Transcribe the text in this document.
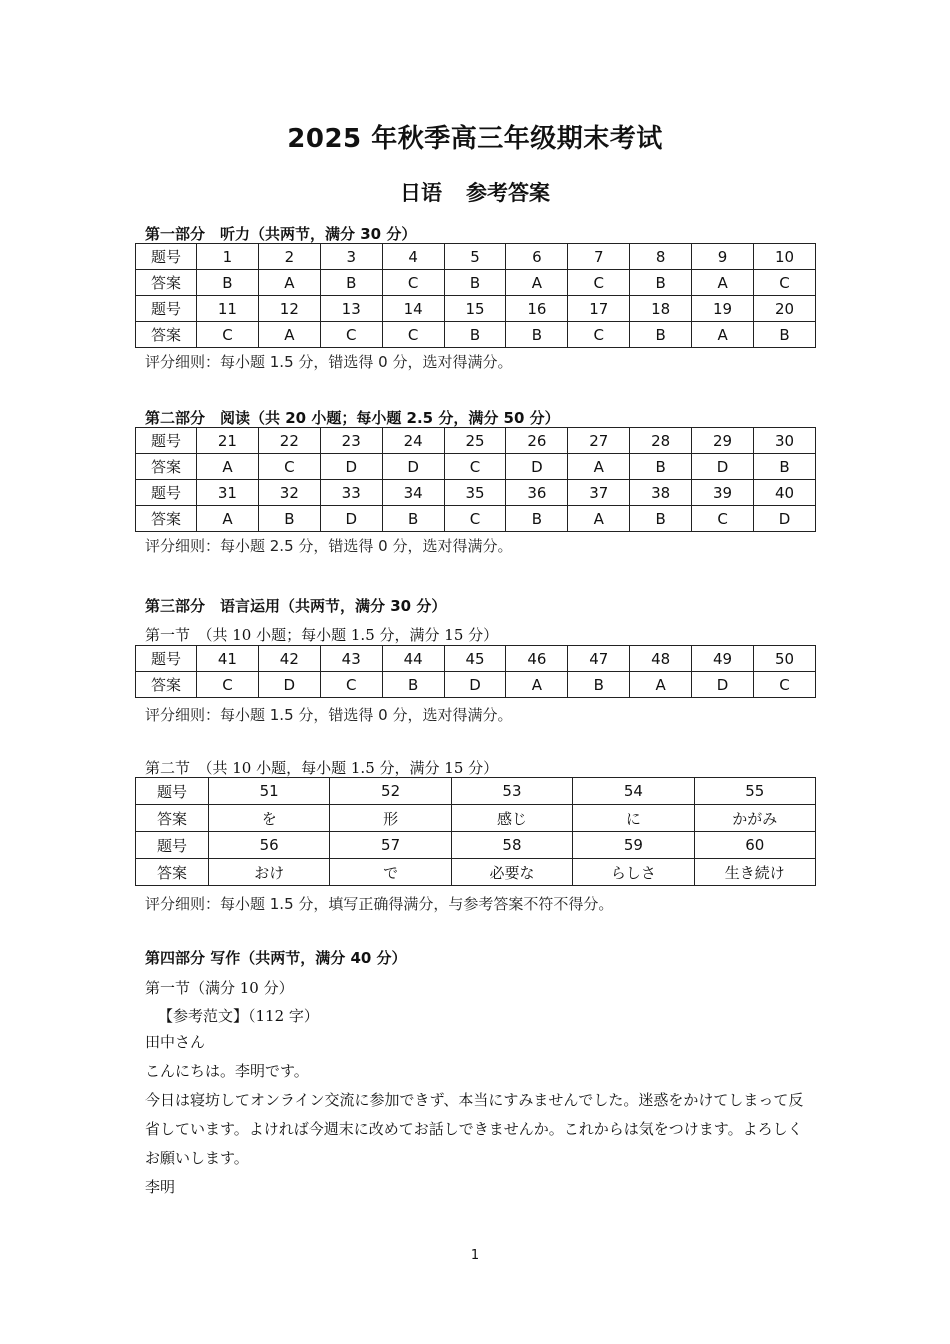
2025 年秋季高三年级期末考试
日语 参考答案
第一部分　听力（共两节，满分 30 分）
题号	1	2	3	4	5	6	7	8	9	10
答案	B	A	B	C	B	A	C	B	A	C
题号	11	12	13	14	15	16	17	18	19	20
答案	C	A	C	C	B	B	C	B	A	B
评分细则：每小题 1.5 分，错选得 0 分，选对得满分。
第二部分　阅读（共 20 小题；每小题 2.5 分，满分 50 分）
题号	21	22	23	24	25	26	27	28	29	30
答案	A	C	D	D	C	D	A	B	D	B
题号	31	32	33	34	35	36	37	38	39	40
答案	A	B	D	B	C	B	A	B	C	D
评分细则：每小题 2.5 分，错选得 0 分，选对得满分。
第三部分　语言运用（共两节，满分 30 分）
第一节　（共 10 小题；每小题 1.5 分，满分 15 分）
题号	41	42	43	44	45	46	47	48	49	50
答案	C	D	C	B	D	A	B	A	D	C
评分细则：每小题 1.5 分，错选得 0 分，选对得满分。
第二节　（共 10 小题，每小题 1.5 分，满分 15 分）
题号	51	52	53	54	55
答案	を	形	感じ	に	かがみ
题号	56	57	58	59	60
答案	おけ	で	必要な	らしさ	生き続け
评分细则：每小题 1.5 分，填写正确得满分，与参考答案不符不得分。
第四部分 写作（共两节，满分 40 分）
第一节（满分 10 分）
【参考范文】（112 字）
田中さん
こんにちは。李明です。
今日は寝坊してオンライン交流に参加できず、本当にすみませんでした。迷惑をかけてしまって反省しています。よければ今週末に改めてお話しできませんか。これからは気をつけます。よろしくお願いします。
李明
1
